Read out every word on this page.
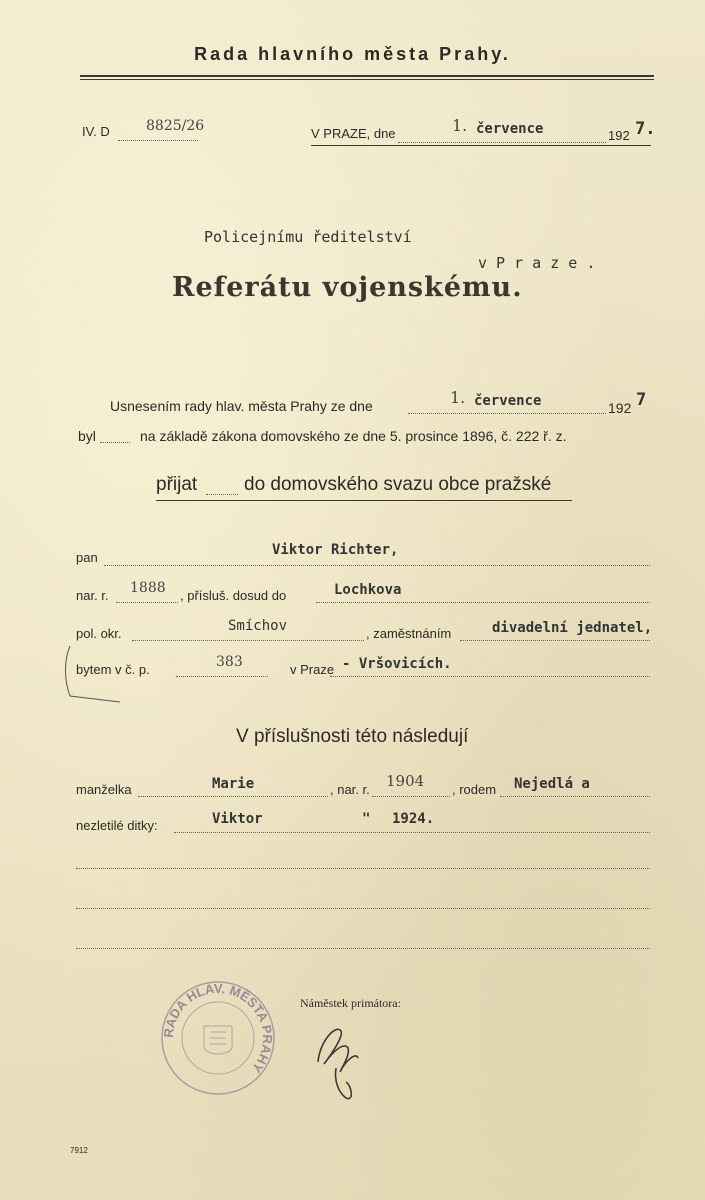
Rada hlavního města Prahy.
IV. D	8825/26	V PRAZE, dne	1. července	192 7.
Policejnímu ředitelství
v P r a z e .
Referátu vojenskému.
Usnesením rady hlav. města Prahy ze dne	1. července	192 7
byl	na základě zákona domovského ze dne 5. prosince 1896, č. 222 ř. z.
přijat do domovského svazu obce pražské
pan	Viktor Richter,
nar. r. 1888 , přísluš. dosud do	Lochkova
pol. okr.	Smíchov	, zaměstnáním	divadelní jednatel,
bytem v č. p.	383	v Praze - Vršovicích.
V příslušnosti této následují
manželka	Marie	, nar. r. 1904 , rodem Nejedlá a
nezletilé ditky:	Viktor	" 1924.
Náměstek primátora:
RADA HLAV. MĚSTA PRAHY
7912
